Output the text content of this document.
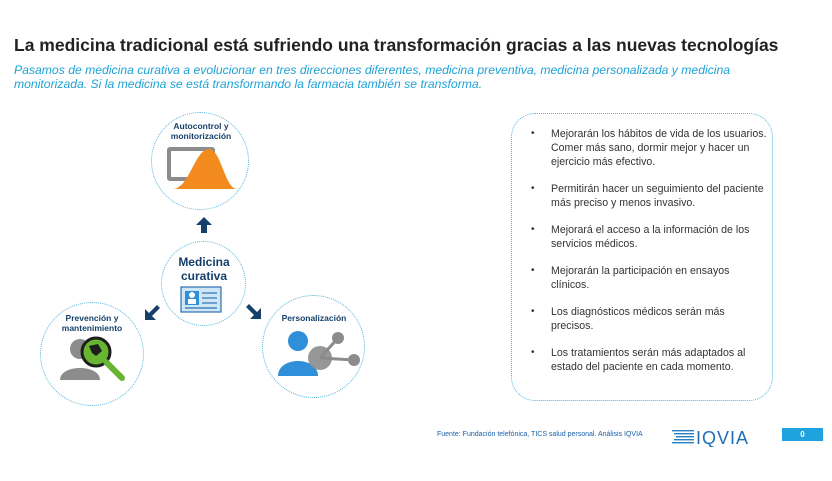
La medicina tradicional está sufriendo una transformación gracias a las nuevas tecnologías
Pasamos de medicina curativa a evolucionar en tres direcciones diferentes, medicina preventiva, medicina personalizada y medicina monitorizada. Si la medicina se está transformando la farmacia también se transforma.
Autocontrol y monitorización
Medicina curativa
Prevención y mantenimiento
Personalización
• Mejorarán los hábitos de vida de los usuarios. Comer más sano, dormir mejor y hacer un ejercicio más efectivo.
• Permitirán hacer un seguimiento del paciente más preciso y menos invasivo.
• Mejorará el acceso a la información de los servicios médicos.
• Mejorarán la participación en ensayos clínicos.
• Los diagnósticos médicos serán más precisos.
• Los tratamientos serán más adaptados al estado del paciente en cada momento.
Fuente: Fundación telefónica, TICS salud personal. Análisis IQVIA	IQVIA	0
